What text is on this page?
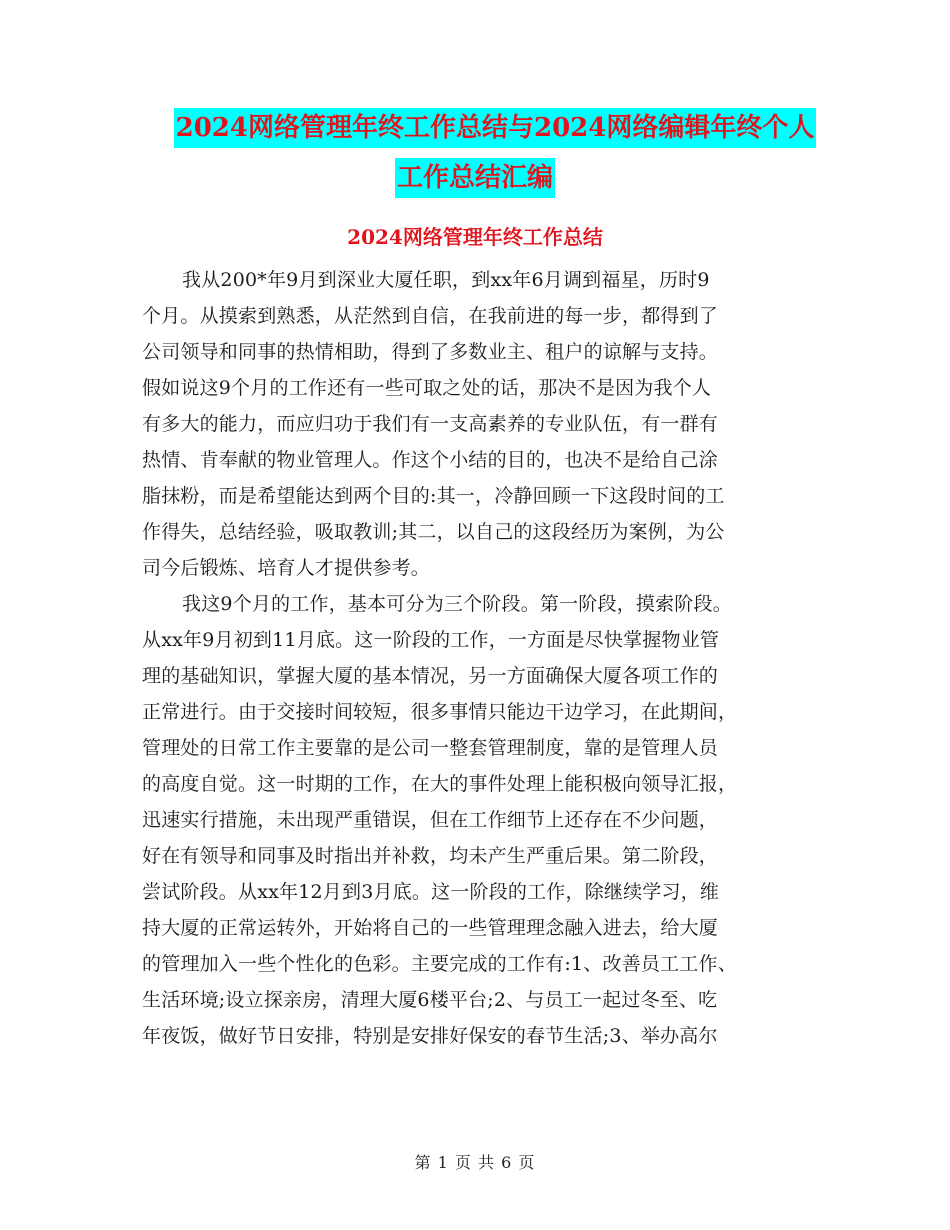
2024网络管理年终工作总结与2024网络编辑年终个人
工作总结汇编
2024网络管理年终工作总结
我从200*年9月到深业大厦任职，到xx年6月调到福星，历时9
个月。从摸索到熟悉，从茫然到自信，在我前进的每一步，都得到了
公司领导和同事的热情相助，得到了多数业主、租户的谅解与支持。
假如说这9个月的工作还有一些可取之处的话，那决不是因为我个人
有多大的能力，而应归功于我们有一支高素养的专业队伍，有一群有
热情、肯奉献的物业管理人。作这个小结的目的，也决不是给自己涂
脂抹粉，而是希望能达到两个目的:其一，冷静回顾一下这段时间的工
作得失，总结经验，吸取教训;其二，以自己的这段经历为案例，为公
司今后锻炼、培育人才提供参考。
我这9个月的工作，基本可分为三个阶段。第一阶段，摸索阶段。
从xx年9月初到11月底。这一阶段的工作，一方面是尽快掌握物业管
理的基础知识，掌握大厦的基本情况，另一方面确保大厦各项工作的
正常进行。由于交接时间较短，很多事情只能边干边学习，在此期间，
管理处的日常工作主要靠的是公司一整套管理制度，靠的是管理人员
的高度自觉。这一时期的工作，在大的事件处理上能积极向领导汇报，
迅速实行措施，未出现严重错误，但在工作细节上还存在不少问题，
好在有领导和同事及时指出并补救，均未产生严重后果。第二阶段，
尝试阶段。从xx年12月到3月底。这一阶段的工作，除继续学习，维
持大厦的正常运转外，开始将自己的一些管理理念融入进去，给大厦
的管理加入一些个性化的色彩。主要完成的工作有:1、改善员工工作、
生活环境;设立探亲房，清理大厦6楼平台;2、与员工一起过冬至、吃
年夜饭，做好节日安排，特别是安排好保安的春节生活;3、举办高尔
第 1 页 共 6 页
